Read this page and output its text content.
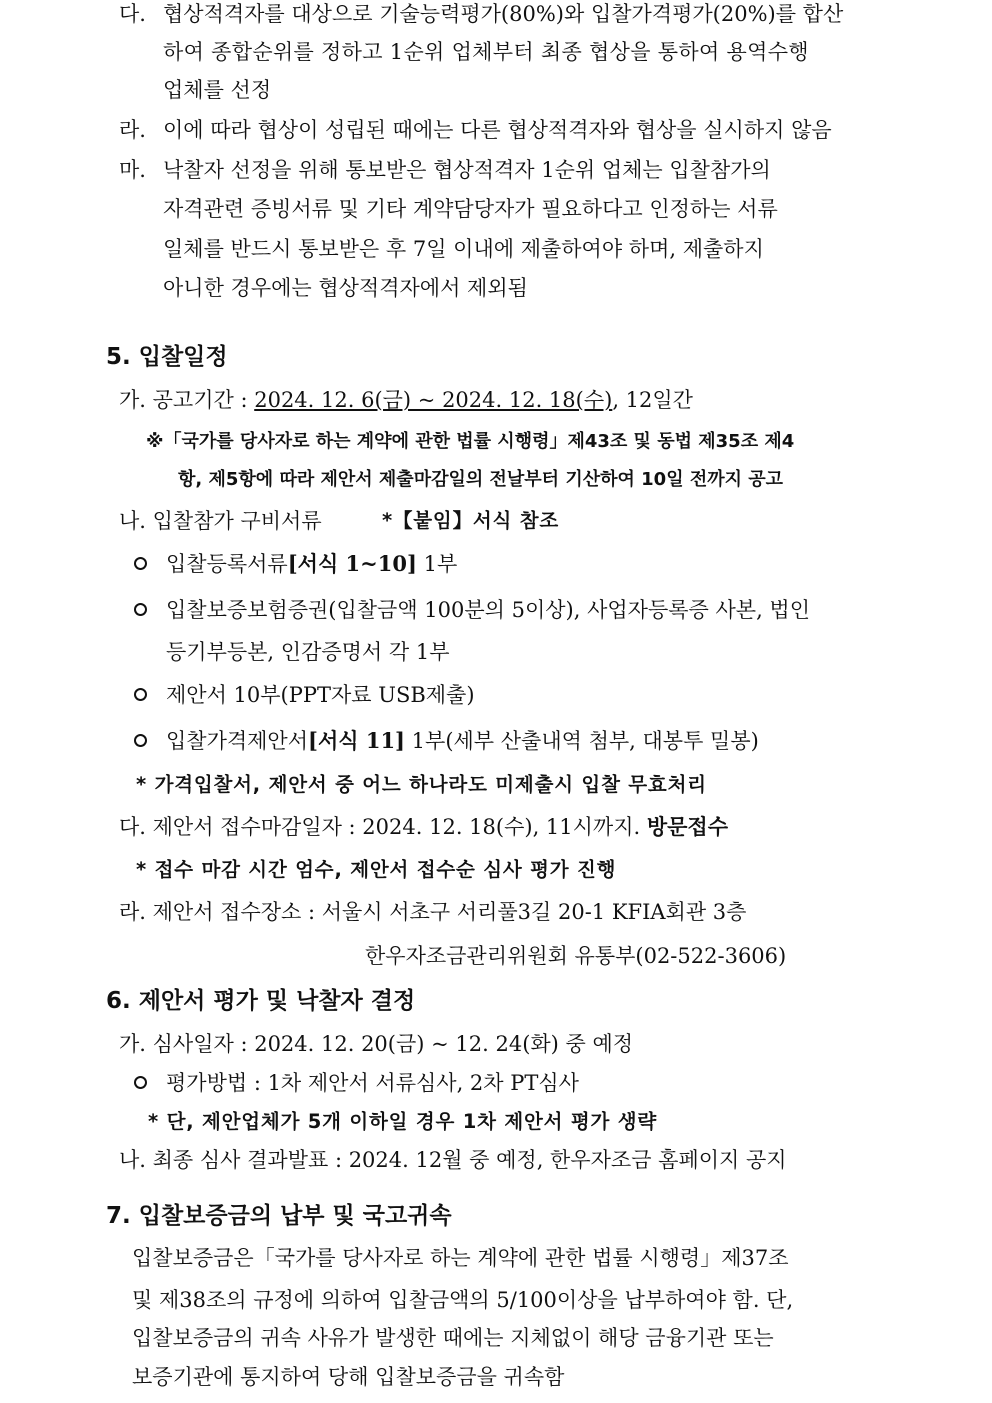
다. 협상적격자를 대상으로 기술능력평가(80%)와 입찰가격평가(20%)를 합산
하여 종합순위를 정하고 1순위 업체부터 최종 협상을 통하여 용역수행
업체를 선정
라. 이에 따라 협상이 성립된 때에는 다른 협상적격자와 협상을 실시하지 않음
마. 낙찰자 선정을 위해 통보받은 협상적격자 1순위 업체는 입찰참가의
자격관련 증빙서류 및 기타 계약담당자가 필요하다고 인정하는 서류
일체를 반드시 통보받은 후 7일 이내에 제출하여야 하며, 제출하지
아니한 경우에는 협상적격자에서 제외됨
5. 입찰일정
가. 공고기간 : 2024. 12. 6(금) ~ 2024. 12. 18(수), 12일간
※「국가를 당사자로 하는 계약에 관한 법률 시행령」제43조 및 동법 제35조 제4
항, 제5항에 따라 제안서 제출마감일의 전날부터 기산하여 10일 전까지 공고
나. 입찰참가 구비서류	*【붙임】서식 참조
입찰등록서류[서식 1~10] 1부
입찰보증보험증권(입찰금액 100분의 5이상), 사업자등록증 사본, 법인
등기부등본, 인감증명서 각 1부
제안서 10부(PPT자료 USB제출)
입찰가격제안서[서식 11] 1부(세부 산출내역 첨부, 대봉투 밀봉)
* 가격입찰서, 제안서 중 어느 하나라도 미제출시 입찰 무효처리
다. 제안서 접수마감일자 : 2024. 12. 18(수), 11시까지. 방문접수
* 접수 마감 시간 엄수, 제안서 접수순 심사 평가 진행
라. 제안서 접수장소 : 서울시 서초구 서리풀3길 20-1 KFIA회관 3층
한우자조금관리위원회 유통부(02-522-3606)
6. 제안서 평가 및 낙찰자 결정
가. 심사일자 : 2024. 12. 20(금) ~ 12. 24(화) 중 예정
평가방법 : 1차 제안서 서류심사, 2차 PT심사
* 단, 제안업체가 5개 이하일 경우 1차 제안서 평가 생략
나. 최종 심사 결과발표 : 2024. 12월 중 예정, 한우자조금 홈페이지 공지
7. 입찰보증금의 납부 및 국고귀속
입찰보증금은「국가를 당사자로 하는 계약에 관한 법률 시행령」제37조
및 제38조의 규정에 의하여 입찰금액의 5/100이상을 납부하여야 함. 단,
입찰보증금의 귀속 사유가 발생한 때에는 지체없이 해당 금융기관 또는
보증기관에 통지하여 당해 입찰보증금을 귀속함
